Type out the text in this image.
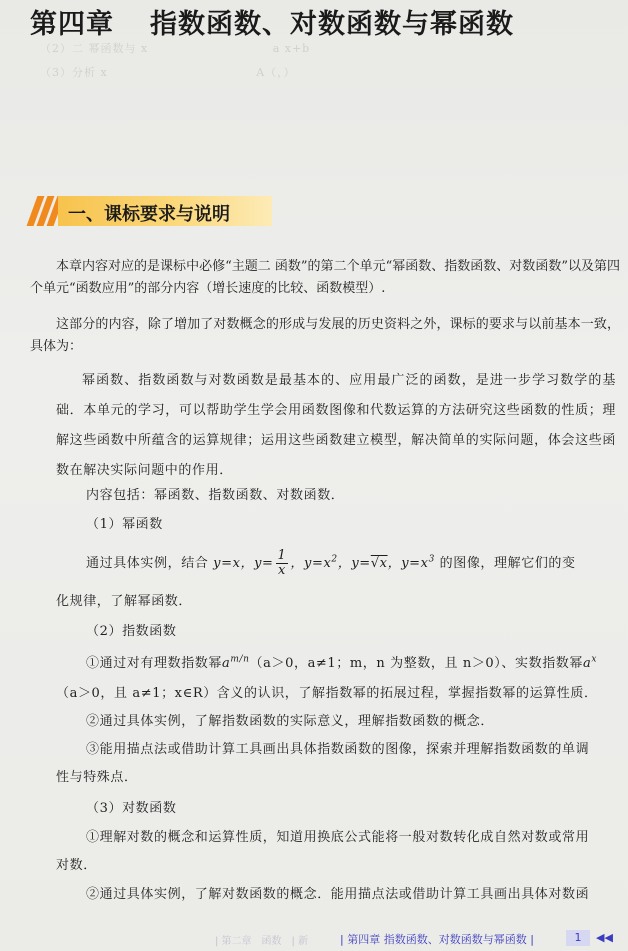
（2）二 幂函数与 x　　　　　　　　　　 a x+b
（3）分析 x　　　　　　　　　　　　 A（，）

第四章 指数函数、对数函数与幂函数
一、课标要求与说明

本章内容对应的是课标中必修“主题二 函数”的第二个单元“幂函数、指数函数、对数函数”以及第四个单元“函数应用”的部分内容（增长速度的比较、函数模型）.

这部分的内容，除了增加了对数概念的形成与发展的历史资料之外，课标的要求与以前基本一致，具体为：

幂函数、指数函数与对数函数是最基本的、应用最广泛的函数，是进一步学习数学的基础．本单元的学习，可以帮助学生学会用函数图像和代数运算的方法研究这些函数的性质；理解这些函数中所蕴含的运算规律；运用这些函数建立模型，解决简单的实际问题，体会这些函数在解决实际问题中的作用．

内容包括：幂函数、指数函数、对数函数．

（1）幂函数

通过具体实例，结合 y=x，$y= \frac{1}{x}$ ，$y=x^2$，y=√x，$y=x^3$ 的图像，理解它们的变

化规律，了解幂函数．

（2）指数函数

①通过对有理数指数幂$a^{m/n}(a>0$，a≠1；m，n 为整数，且 n＞0）、实数指数幂$a^x$

（a＞0，且 a≠1；x∈R）含义的认识，了解指数幂的拓展过程，掌握指数幂的运算性质．

②通过具体实例，了解指数函数的实际意义，理解指数函数的概念．

③能用描点法或借助计算工具画出具体指数函数的图像，探索并理解指数函数的单调

性与特殊点．

（3）对数函数

①理解对数的概念和运算性质，知道用换底公式能将一般对数转化成自然对数或常用

对数．

②通过具体实例，了解对数函数的概念．能用描点法或借助计算工具画出具体对数函

| 第二章　函数　| 新	| 第四章 指数函数、对数函数与幂函数 |	1	◀◀
